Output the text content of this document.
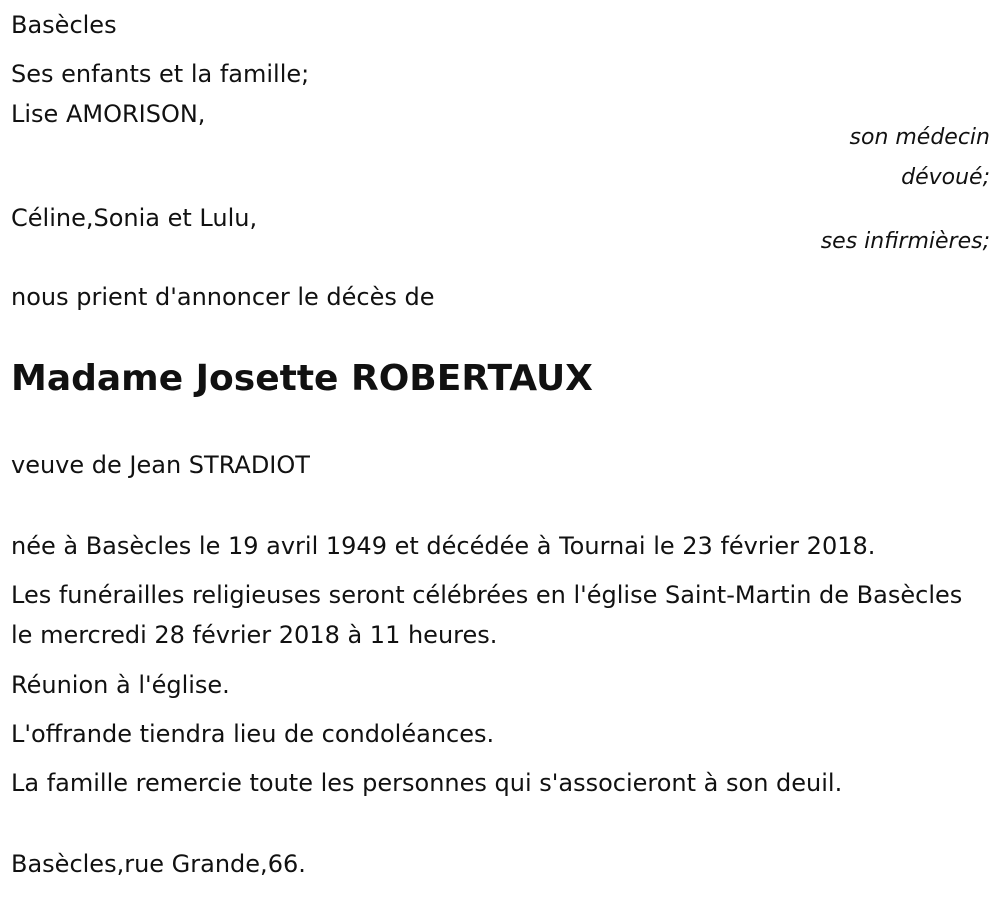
Basècles
Ses enfants et la famille;
Lise AMORISON,
son médecin
dévoué;
Céline,Sonia et Lulu,
ses infirmières;
nous prient d'annoncer le décès de
Madame Josette ROBERTAUX
veuve de Jean STRADIOT
née à Basècles le 19 avril 1949 et décédée à Tournai le 23 février 2018.
Les funérailles religieuses seront célébrées en l'église Saint-Martin de Basècles le mercredi 28 février 2018 à 11 heures.
Réunion à l'église.
L'offrande tiendra lieu de condoléances.
La famille remercie toute les personnes qui s'associeront à son deuil.
Basècles,rue Grande,66.
